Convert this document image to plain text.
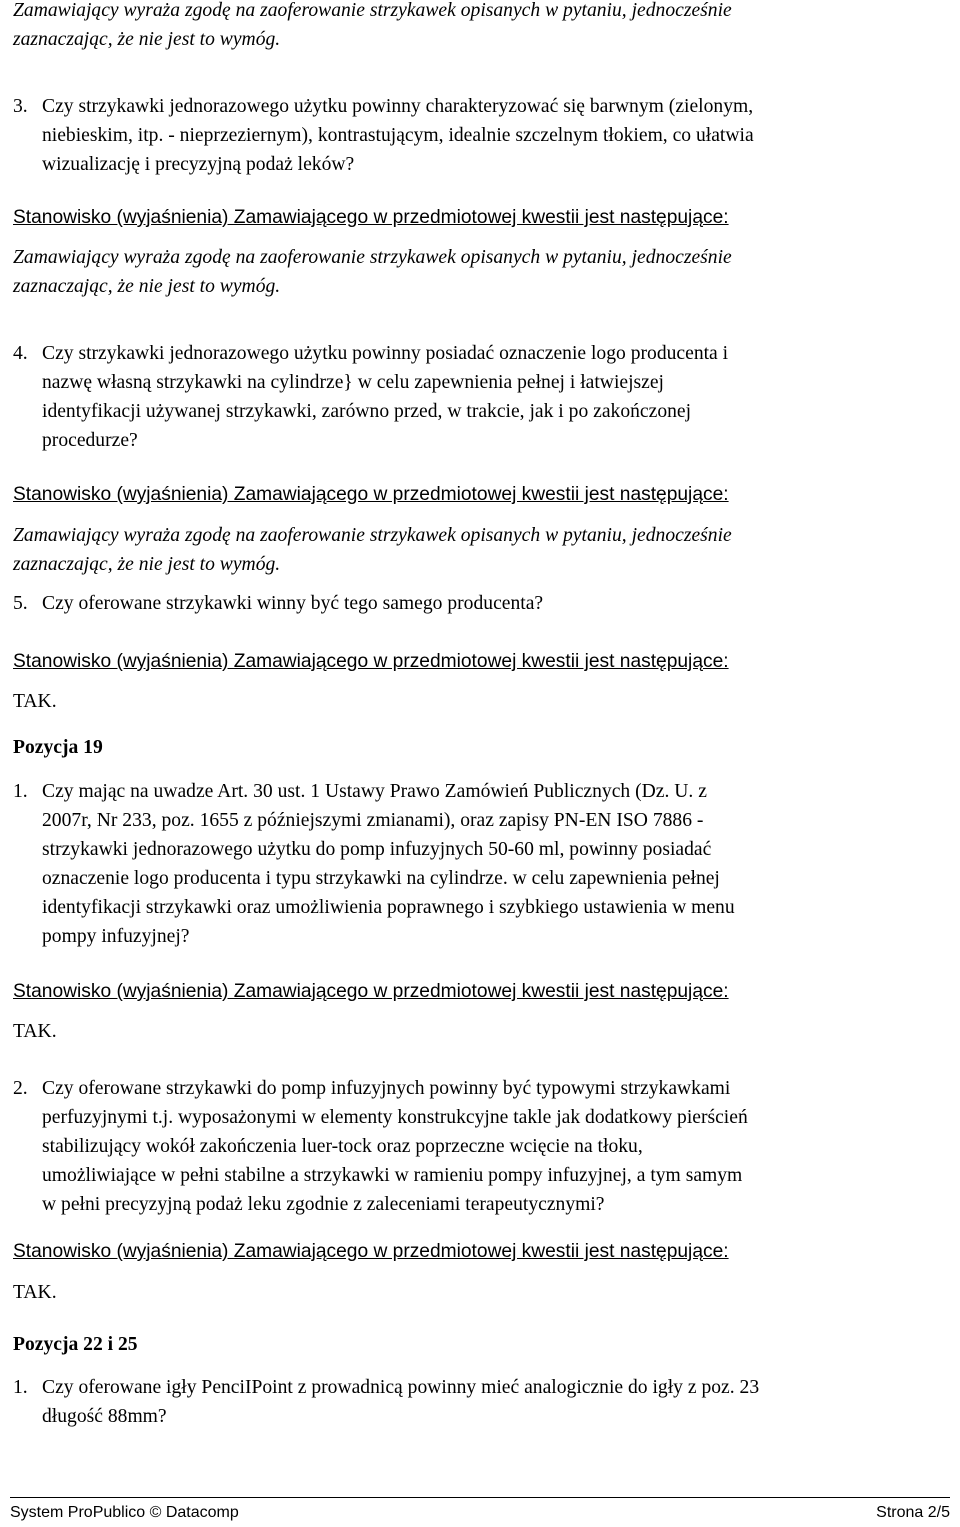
Zamawiający wyraża zgodę na zaoferowanie strzykawek opisanych w pytaniu, jednocześnie

zaznaczając, że nie jest to wymóg.

3. Czy strzykawki jednorazowego użytku powinny charakteryzować się barwnym (zielonym,
niebieskim, itp. - nieprzeziernym), kontrastującym, idealnie szczelnym tłokiem, co ułatwia
wizualizację i precyzyjną podaż leków?
Stanowisko (wyjaśnienia) Zamawiającego w przedmiotowej kwestii jest następujące:

Zamawiający wyraża zgodę na zaoferowanie strzykawek opisanych w pytaniu, jednocześnie

zaznaczając, że nie jest to wymóg.

4. Czy strzykawki jednorazowego użytku powinny posiadać oznaczenie logo producenta i
nazwę własną strzykawki na cylindrze} w celu zapewnienia pełnej i łatwiejszej
identyfikacji używanej strzykawki, zarówno przed, w trakcie, jak i po zakończonej
procedurze?
Stanowisko (wyjaśnienia) Zamawiającego w przedmiotowej kwestii jest następujące:

Zamawiający wyraża zgodę na zaoferowanie strzykawek opisanych w pytaniu, jednocześnie

zaznaczając, że nie jest to wymóg.

5. Czy oferowane strzykawki winny być tego samego producenta?
Stanowisko (wyjaśnienia) Zamawiającego w przedmiotowej kwestii jest następujące:

TAK.

Pozycja 19
1. Czy mając na uwadze Art. 30 ust. 1 Ustawy Prawo Zamówień Publicznych (Dz. U. z
2007r, Nr 233, poz. 1655 z późniejszymi zmianami), oraz zapisy PN-EN ISO 7886 -
strzykawki jednorazowego użytku do pomp infuzyjnych 50-60 ml, powinny posiadać
oznaczenie logo producenta i typu strzykawki na cylindrze. w celu zapewnienia pełnej
identyfikacji strzykawki oraz umożliwienia poprawnego i szybkiego ustawienia w menu
pompy infuzyjnej?
Stanowisko (wyjaśnienia) Zamawiającego w przedmiotowej kwestii jest następujące:

TAK.

2. Czy oferowane strzykawki do pomp infuzyjnych powinny być typowymi strzykawkami
perfuzyjnymi t.j. wyposażonymi w elementy konstrukcyjne takle jak dodatkowy pierścień
stabilizujący wokół zakończenia luer-tock oraz poprzeczne wcięcie na tłoku,
umożliwiające w pełni stabilne a strzykawki w ramieniu pompy infuzyjnej, a tym samym
w pełni precyzyjną podaż leku zgodnie z zaleceniami terapeutycznymi?
Stanowisko (wyjaśnienia) Zamawiającego w przedmiotowej kwestii jest następujące:

TAK.

Pozycja 22 i 25
1. Czy oferowane igły PenciIPoint z prowadnicą powinny mieć analogicznie do igły z poz. 23
długość 88mm?
System ProPublico © Datacomp	Strona 2/5
